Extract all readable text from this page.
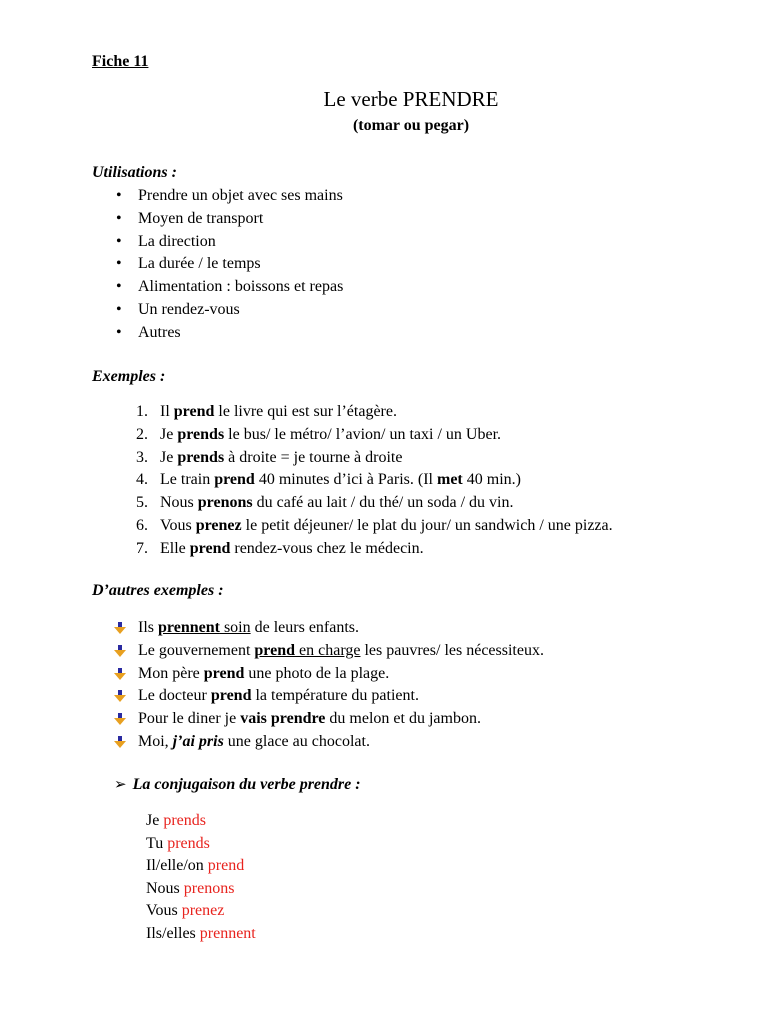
Fiche 11
Le verbe PRENDRE
(tomar ou pegar)
Utilisations :
• Prendre un objet avec ses mains
• Moyen de transport
• La direction
• La durée / le temps
• Alimentation : boissons et repas
• Un rendez-vous
• Autres
Exemples :
1. Il prend le livre qui est sur l’étagère.
2. Je prends le bus/ le métro/ l’avion/ un taxi / un Uber.
3. Je prends à droite = je tourne à droite
4. Le train prend 40 minutes d’ici à Paris. (Il met 40 min.)
5. Nous prenons du café au lait / du thé/ un soda / du vin.
6. Vous prenez le petit déjeuner/ le plat du jour/ un sandwich / une pizza.
7. Elle prend rendez-vous chez le médecin.
D’autres exemples :
Ils prennent soin de leurs enfants.
Le gouvernement prend en charge les pauvres/ les nécessiteux.
Mon père prend une photo de la plage.
Le docteur prend la température du patient.
Pour le diner je vais prendre du melon et du jambon.
Moi, j’ai pris une glace au chocolat.
➢ La conjugaison du verbe prendre :
Je prends
Tu prends
Il/elle/on prend
Nous prenons
Vous prenez
Ils/elles prennent
